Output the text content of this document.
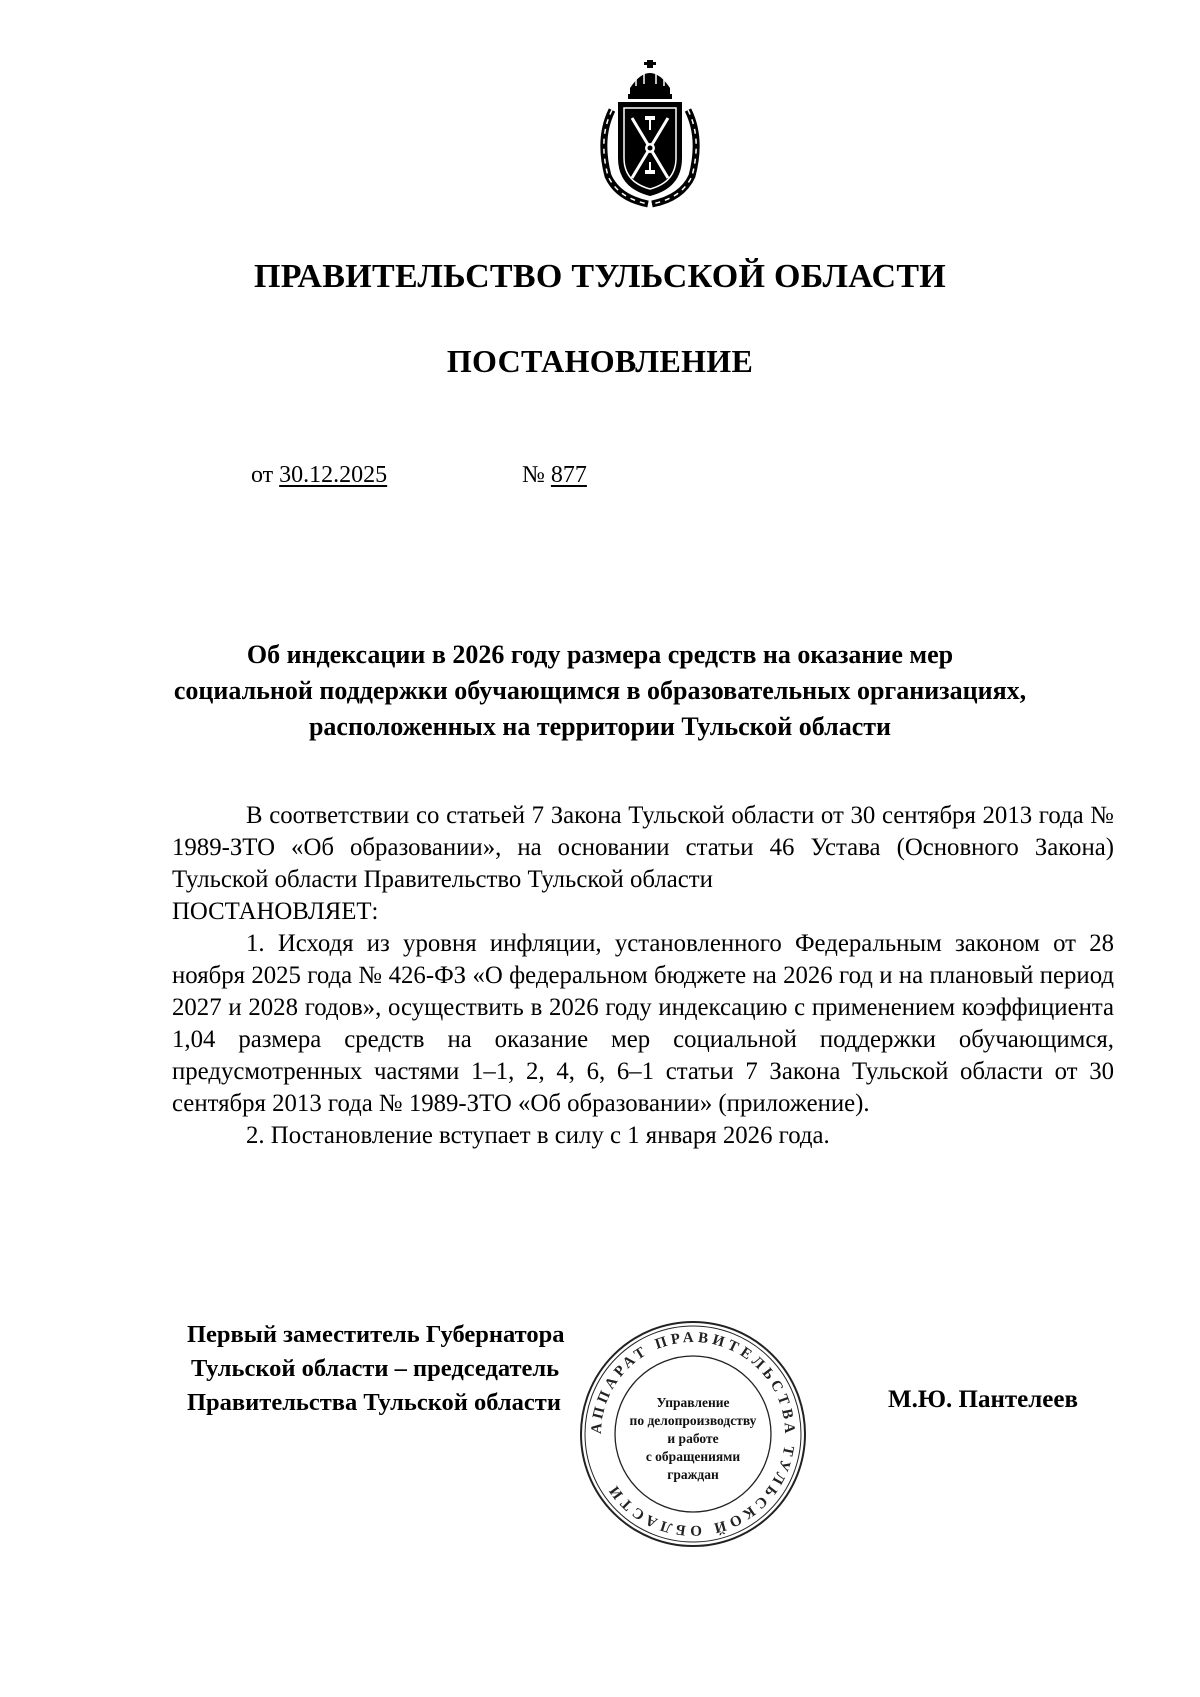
ПРАВИТЕЛЬСТВО ТУЛЬСКОЙ ОБЛАСТИ
ПОСТАНОВЛЕНИЕ
от 30.12.2025	№ 877
Об индексации в 2026 году размера средств на оказание мер
социальной поддержки обучающимся в образовательных организациях,
расположенных на территории Тульской области

В соответствии со статьей 7 Закона Тульской области от 30 сентября 2013 года № 1989-ЗТО «Об образовании», на основании статьи 46 Устава (Основного Закона) Тульской области Правительство Тульской области

ПОСТАНОВЛЯЕТ:

1. Исходя из уровня инфляции, установленного Федеральным законом от 28 ноября 2025 года № 426-ФЗ «О федеральном бюджете на 2026 год и на плановый период 2027 и 2028 годов», осуществить в 2026 году индексацию с применением коэффициента 1,04 размера средств на оказание мер социальной поддержки обучающимся, предусмотренных частями 1–1, 2, 4, 6, 6–1 статьи 7 Закона Тульской области от 30 сентября 2013 года № 1989-ЗТО «Об образовании» (приложение).

2. Постановление вступает в силу с 1 января 2026 года.

АППАРАТ ПРАВИТЕЛЬСТВА ТУЛЬСКОЙ ОБЛАСТИ
Управление
по делопроизводству
и работе
с обращениями
граждан
Первый заместитель Губернатора
Тульской области – председатель
Правительства Тульской области	М.Ю. Пантелеев
